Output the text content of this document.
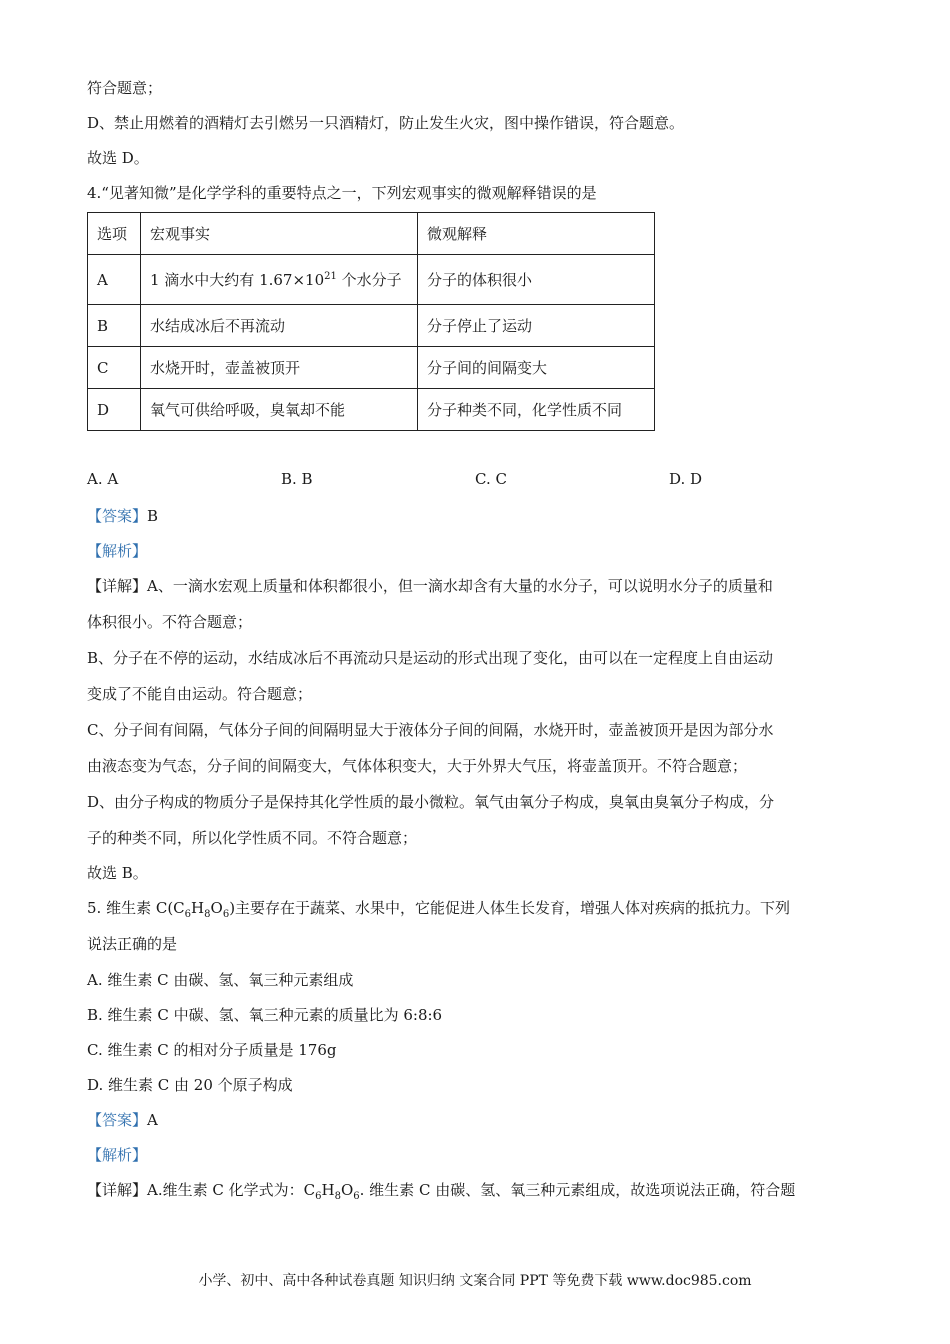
符合题意；
D、禁止用燃着的酒精灯去引燃另一只酒精灯，防止发生火灾，图中操作错误，符合题意。
故选 D。
4.“见著知微”是化学学科的重要特点之一，下列宏观事实的微观解释错误的是
选项	宏观事实	微观解释
A	1 滴水中大约有 $1.67\times 10^{21}$ 个水分子	分子的体积很小
B	水结成冰后不再流动	分子停止了运动
C	水烧开时，壶盖被顶开	分子间的间隔变大
D	氧气可供给呼吸，臭氧却不能	分子种类不同，化学性质不同
A. A	B. B	C. C	D. D
【答案】B
【解析】
【详解】A、一滴水宏观上质量和体积都很小，但一滴水却含有大量的水分子，可以说明水分子的质量和
体积很小。不符合题意；
B、分子在不停的运动，水结成冰后不再流动只是运动的形式出现了变化，由可以在一定程度上自由运动
变成了不能自由运动。符合题意；
C、分子间有间隔，气体分子间的间隔明显大于液体分子间的间隔，水烧开时，壶盖被顶开是因为部分水
由液态变为气态，分子间的间隔变大，气体体积变大，大于外界大气压，将壶盖顶开。不符合题意；
D、由分子构成的物质分子是保持其化学性质的最小微粒。氧气由氧分子构成，臭氧由臭氧分子构成，分
子的种类不同，所以化学性质不同。不符合题意；
故选 B。
5. 维生素 $C(C_6H_8O_6)$主要存在于蔬菜、水果中，它能促进人体生长发育，增强人体对疾病的抵抗力。下列
说法正确的是
A. 维生素 C 由碳、氢、氧三种元素组成
B. 维生素 C 中碳、氢、氧三种元素的质量比为 6:8:6
C. 维生素 C 的相对分子质量是 176g
D. 维生素 C 由 20 个原子构成
【答案】A
【解析】
【详解】A.维生素 C 化学式为：$C_6H_8O_6$. 维生素 C 由碳、氢、氧三种元素组成，故选项说法正确，符合题
小学、初中、高中各种试卷真题 知识归纳 文案合同 PPT 等免费下载 www.doc985.com
